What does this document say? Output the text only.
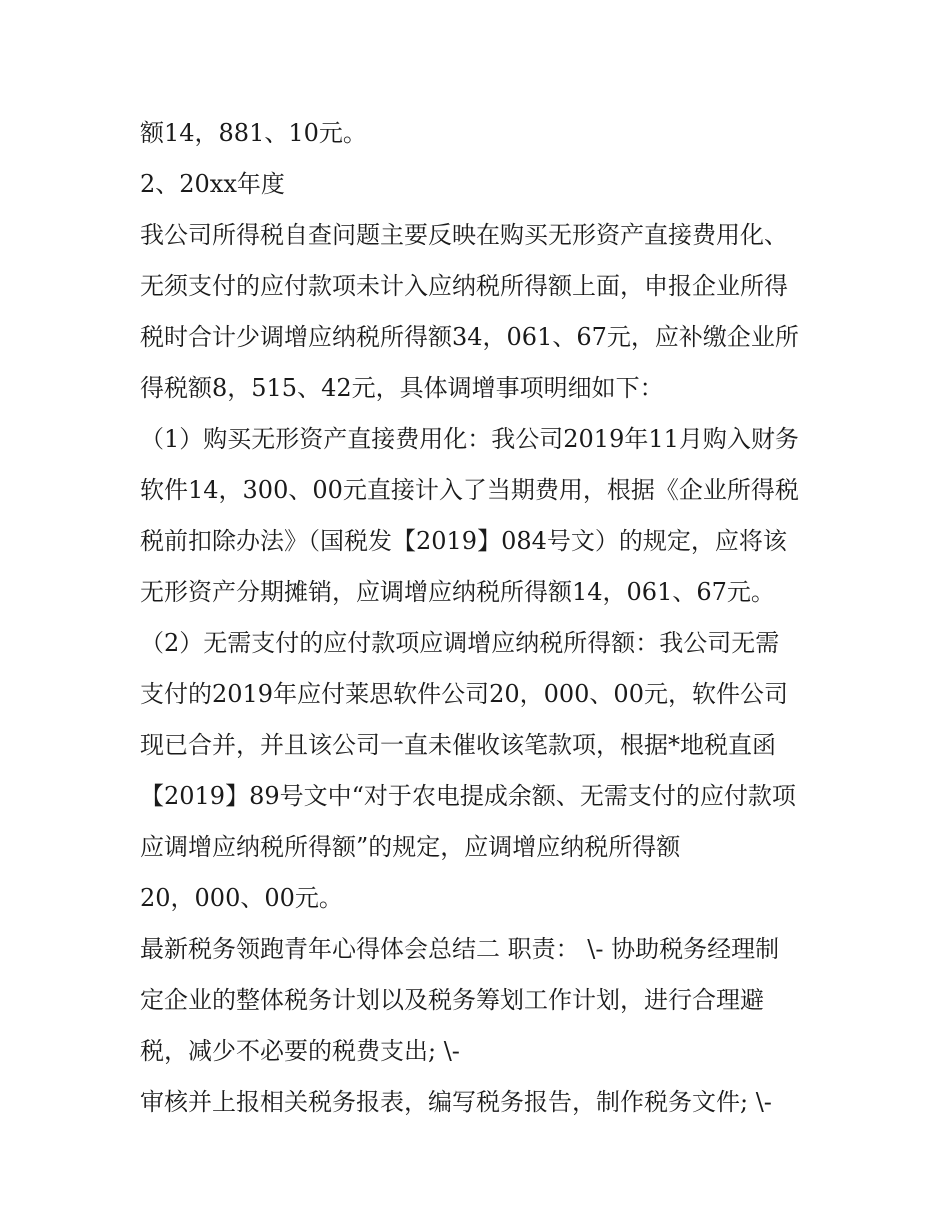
额14，881、10元。
2、20xx年度
我公司所得税自查问题主要反映在购买无形资产直接费用化、
无须支付的应付款项未计入应纳税所得额上面，申报企业所得
税时合计少调增应纳税所得额34，061、67元，应补缴企业所
得税额8，515、42元，具体调增事项明细如下：
（1）购买无形资产直接费用化：我公司2019年11月购入财务
软件14，300、00元直接计入了当期费用，根据《企业所得税
税前扣除办法》（国税发【2019】084号文）的规定，应将该
无形资产分期摊销，应调增应纳税所得额14，061、67元。
（2）无需支付的应付款项应调增应纳税所得额：我公司无需
支付的2019年应付莱思软件公司20，000、00元，软件公司
现已合并，并且该公司一直未催收该笔款项，根据*地税直函
【2019】89号文中“对于农电提成余额、无需支付的应付款项
应调增应纳税所得额”的规定，应调增应纳税所得额
20，000、00元。
最新税务领跑青年心得体会总结二 职责： \- 协助税务经理制
定企业的整体税务计划以及税务筹划工作计划，进行合理避
税，减少不必要的税费支出; \-
审核并上报相关税务报表，编写税务报告，制作税务文件; \-
